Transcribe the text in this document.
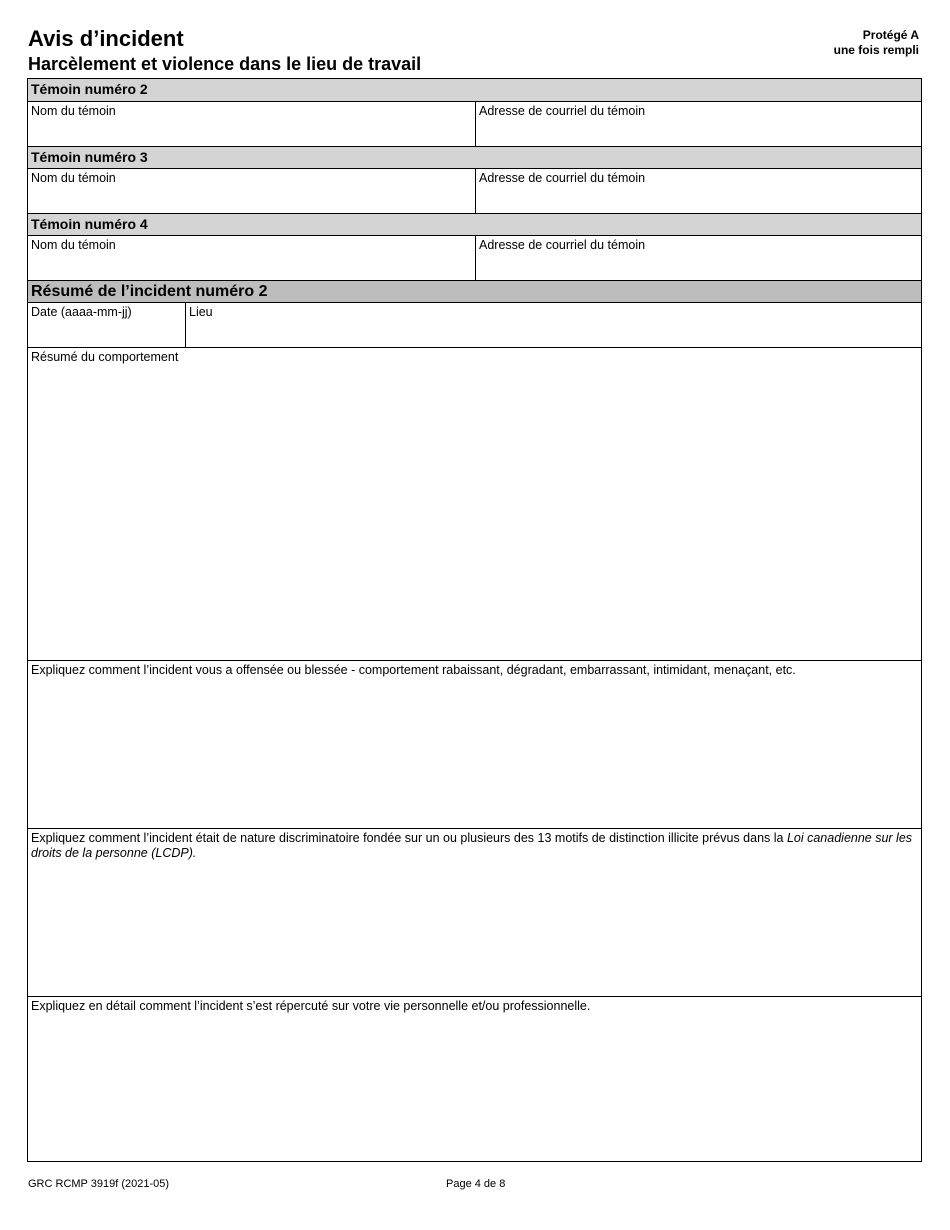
Avis d’incident
Harcèlement et violence dans le lieu de travail
Protégé A
une fois rempli
Témoin numéro 2
Nom du témoin	Adresse de courriel du témoin
Témoin numéro 3
Nom du témoin	Adresse de courriel du témoin
Témoin numéro 4
Nom du témoin	Adresse de courriel du témoin
Résumé de l’incident numéro 2
Date (aaaa-mm-jj)	Lieu
Résumé du comportement
Expliquez comment l’incident vous a offensée ou blessée - comportement rabaissant, dégradant, embarrassant, intimidant, menaçant, etc.
Expliquez comment l’incident était de nature discriminatoire fondée sur un ou plusieurs des 13 motifs de distinction illicite prévus dans la Loi canadienne sur les droits de la personne (LCDP).
Expliquez en détail comment l’incident s’est répercuté sur votre vie personnelle et/ou professionnelle.
GRC RCMP 3919f (2021-05)	Page 4 de 8
